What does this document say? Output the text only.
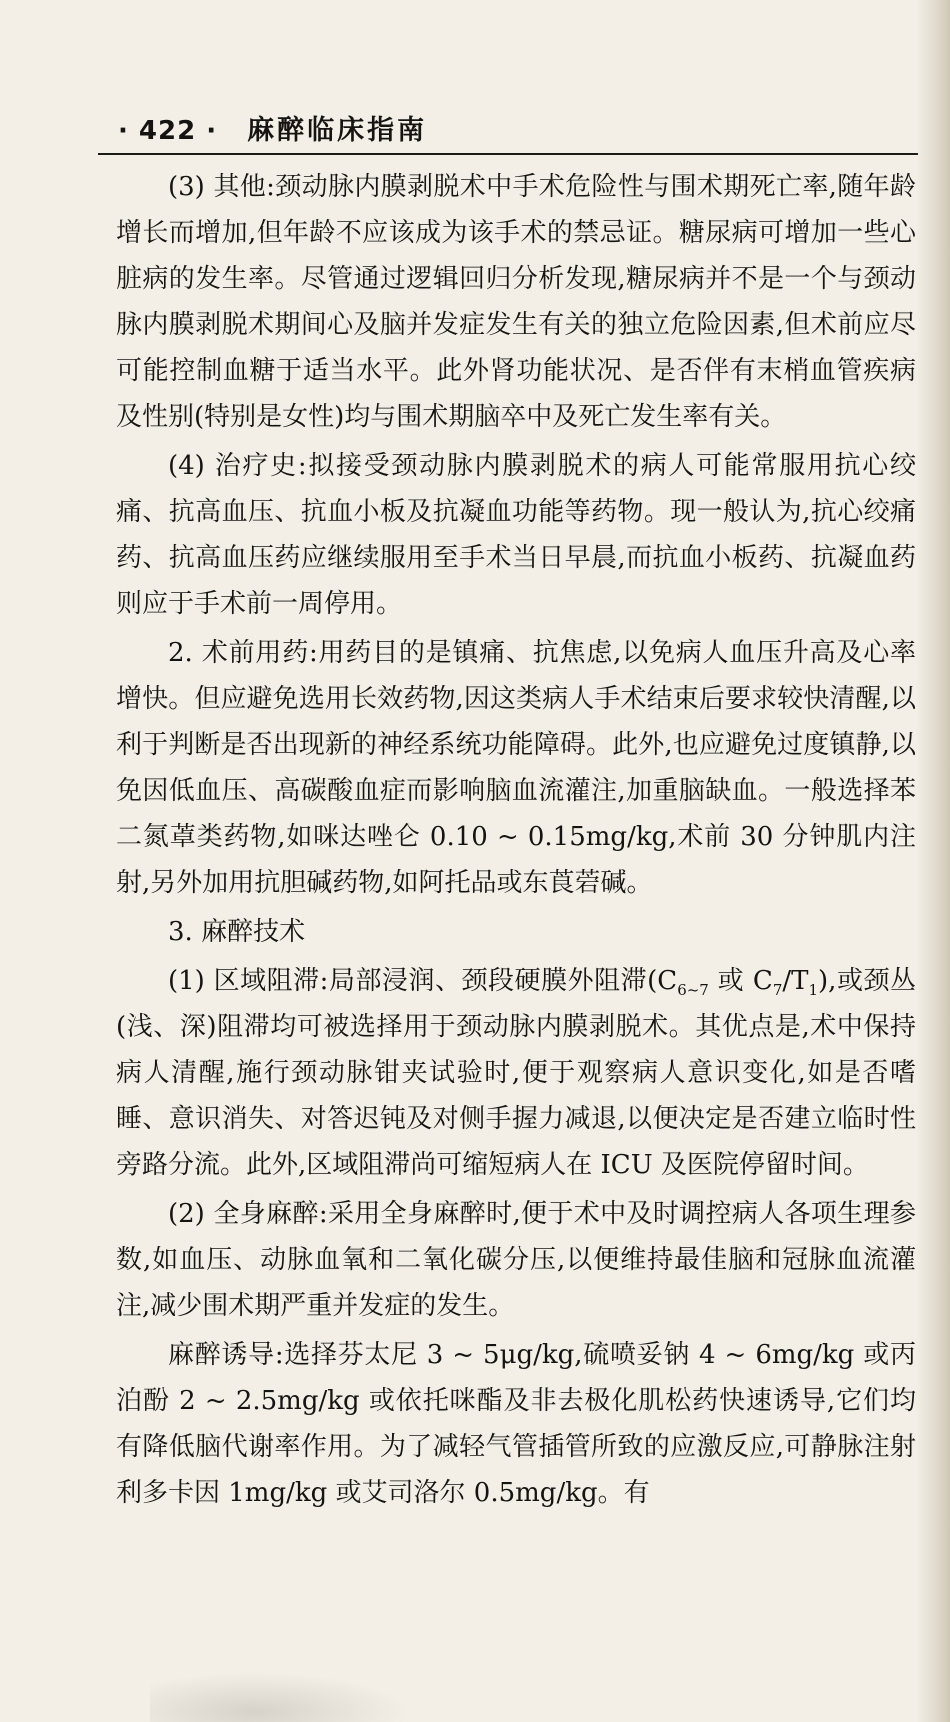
· 422 · 麻醉临床指南

(3) 其他:颈动脉内膜剥脱术中手术危险性与围术期死亡率,随年龄增长而增加,但年龄不应该成为该手术的禁忌证。糖尿病可增加一些心脏病的发生率。尽管通过逻辑回归分析发现,糖尿病并不是一个与颈动脉内膜剥脱术期间心及脑并发症发生有关的独立危险因素,但术前应尽可能控制血糖于适当水平。此外肾功能状况、是否伴有末梢血管疾病及性别(特别是女性)均与围术期脑卒中及死亡发生率有关。

(4) 治疗史:拟接受颈动脉内膜剥脱术的病人可能常服用抗心绞痛、抗高血压、抗血小板及抗凝血功能等药物。现一般认为,抗心绞痛药、抗高血压药应继续服用至手术当日早晨,而抗血小板药、抗凝血药则应于手术前一周停用。

2. 术前用药:用药目的是镇痛、抗焦虑,以免病人血压升高及心率增快。但应避免选用长效药物,因这类病人手术结束后要求较快清醒,以利于判断是否出现新的神经系统功能障碍。此外,也应避免过度镇静,以免因低血压、高碳酸血症而影响脑血流灌注,加重脑缺血。一般选择苯二氮䓬类药物,如咪达唑仑 0.10 ~ 0.15mg/kg,术前 30 分钟肌内注射,另外加用抗胆碱药物,如阿托品或东莨菪碱。

3. 麻醉技术

(1) 区域阻滞:局部浸润、颈段硬膜外阻滞($C_{6\sim 7}$ 或 $C_7/T_1$),或颈丛(浅、深)阻滞均可被选择用于颈动脉内膜剥脱术。其优点是,术中保持病人清醒,施行颈动脉钳夹试验时,便于观察病人意识变化,如是否嗜睡、意识消失、对答迟钝及对侧手握力减退,以便决定是否建立临时性旁路分流。此外,区域阻滞尚可缩短病人在 ICU 及医院停留时间。

(2) 全身麻醉:采用全身麻醉时,便于术中及时调控病人各项生理参数,如血压、动脉血氧和二氧化碳分压,以便维持最佳脑和冠脉血流灌注,减少围术期严重并发症的发生。

麻醉诱导:选择芬太尼 3 ~ 5μg/kg,硫喷妥钠 4 ~ 6mg/kg 或丙泊酚 2 ~ 2.5mg/kg 或依托咪酯及非去极化肌松药快速诱导,它们均有降低脑代谢率作用。为了减轻气管插管所致的应激反应,可静脉注射利多卡因 1mg/kg 或艾司洛尔 0.5mg/kg。有
